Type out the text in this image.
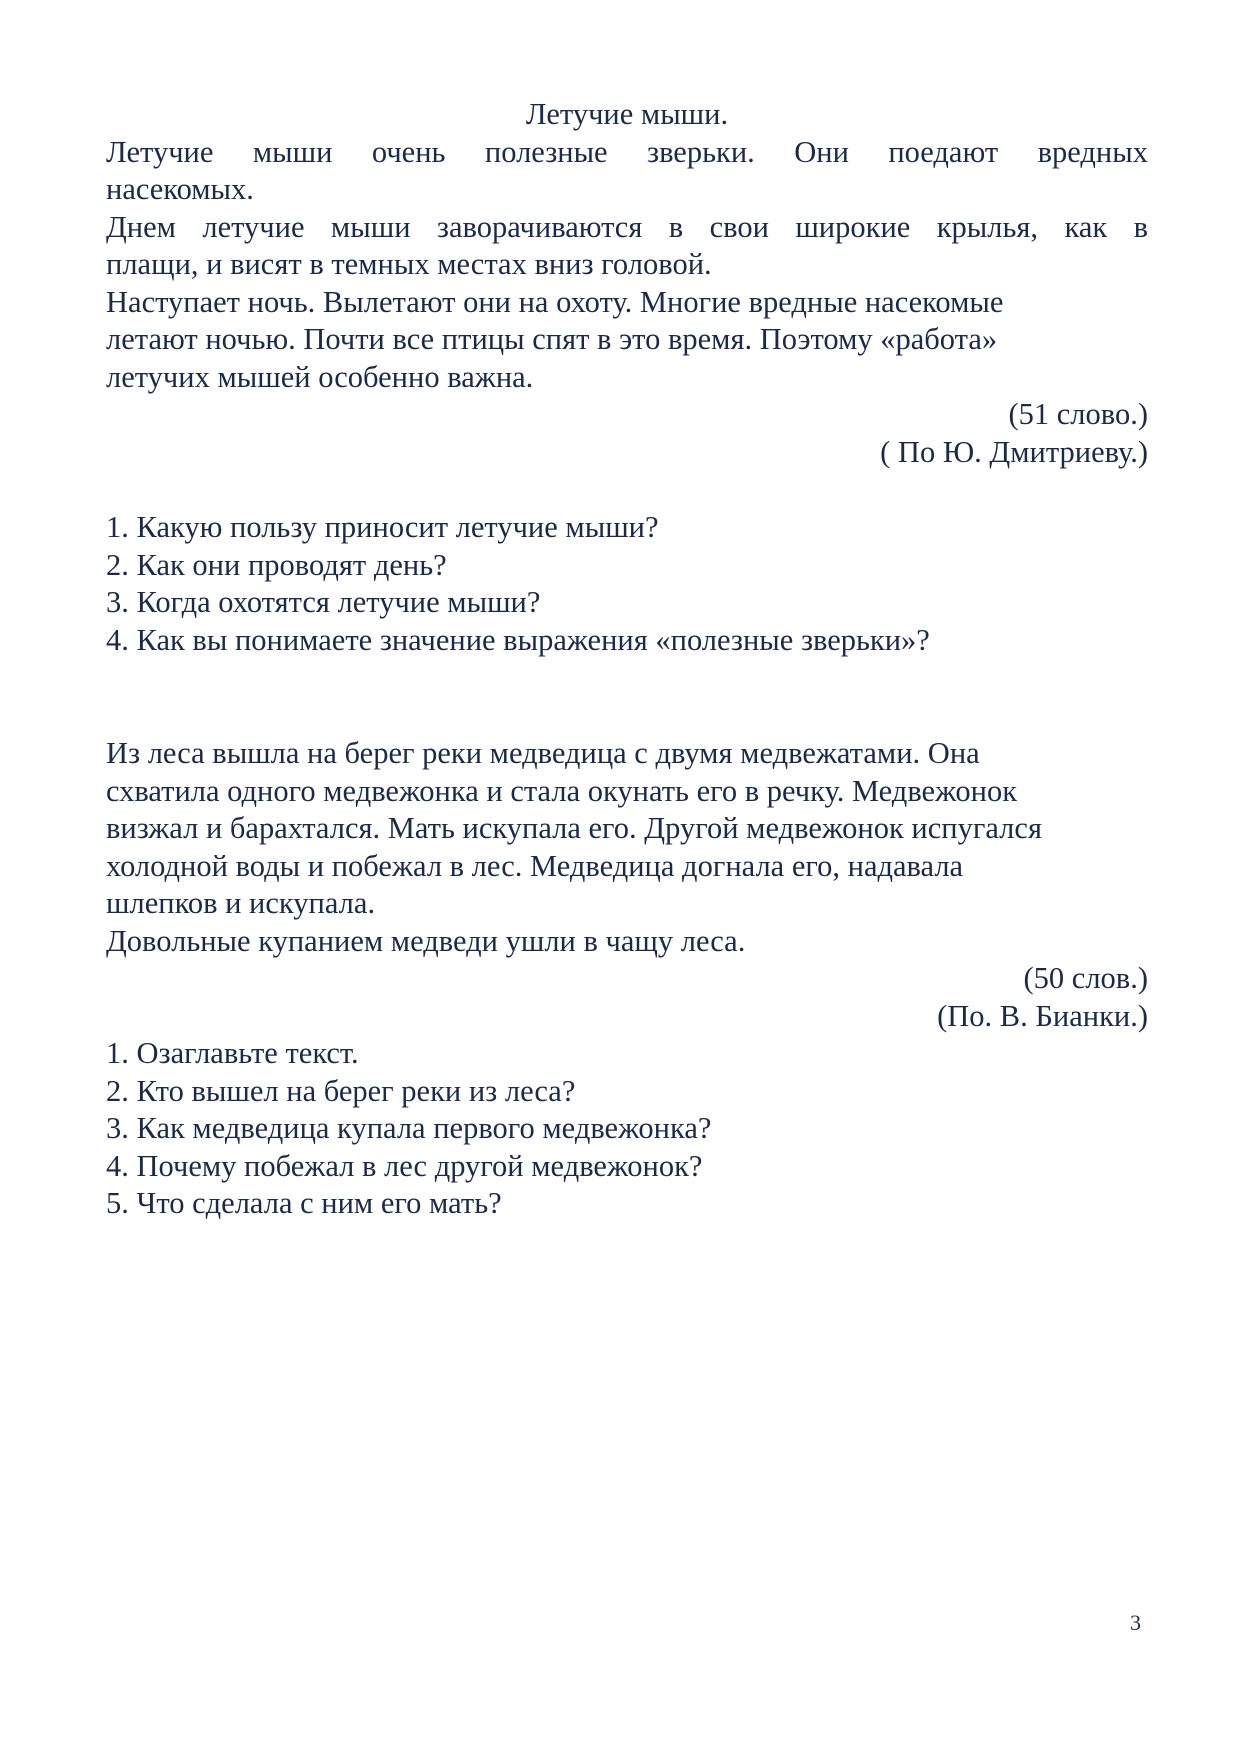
Летучие мыши.

Летучие мыши очень полезные зверьки. Они поедают вредных

насекомых.

Днем летучие мыши заворачиваются в свои широкие крылья, как в

плащи, и висят в темных местах вниз головой.

Наступает ночь. Вылетают они на охоту. Многие вредные насекомые

летают ночью. Почти все птицы спят в это время. Поэтому «работа»

летучих мышей особенно важна.

(51 слово.)

( По Ю. Дмитриеву.)

1. Какую пользу приносит летучие мыши?

2. Как они проводят день?

3. Когда охотятся летучие мыши?

4. Как вы понимаете значение выражения «полезные зверьки»?

Из леса вышла на берег реки медведица с двумя медвежатами. Она

схватила одного медвежонка и стала окунать его в речку. Медвежонок

визжал и барахтался. Мать искупала его. Другой медвежонок испугался

холодной воды и побежал в лес. Медведица догнала его, надавала

шлепков и искупала.

Довольные купанием медведи ушли в чащу леса.

(50 слов.)

(По. В. Бианки.)

1. Озаглавьте текст.

2. Кто вышел на берег реки из леса?

3. Как медведица купала первого медвежонка?

4. Почему побежал в лес другой медвежонок?

5. Что сделала с ним его мать?

3
